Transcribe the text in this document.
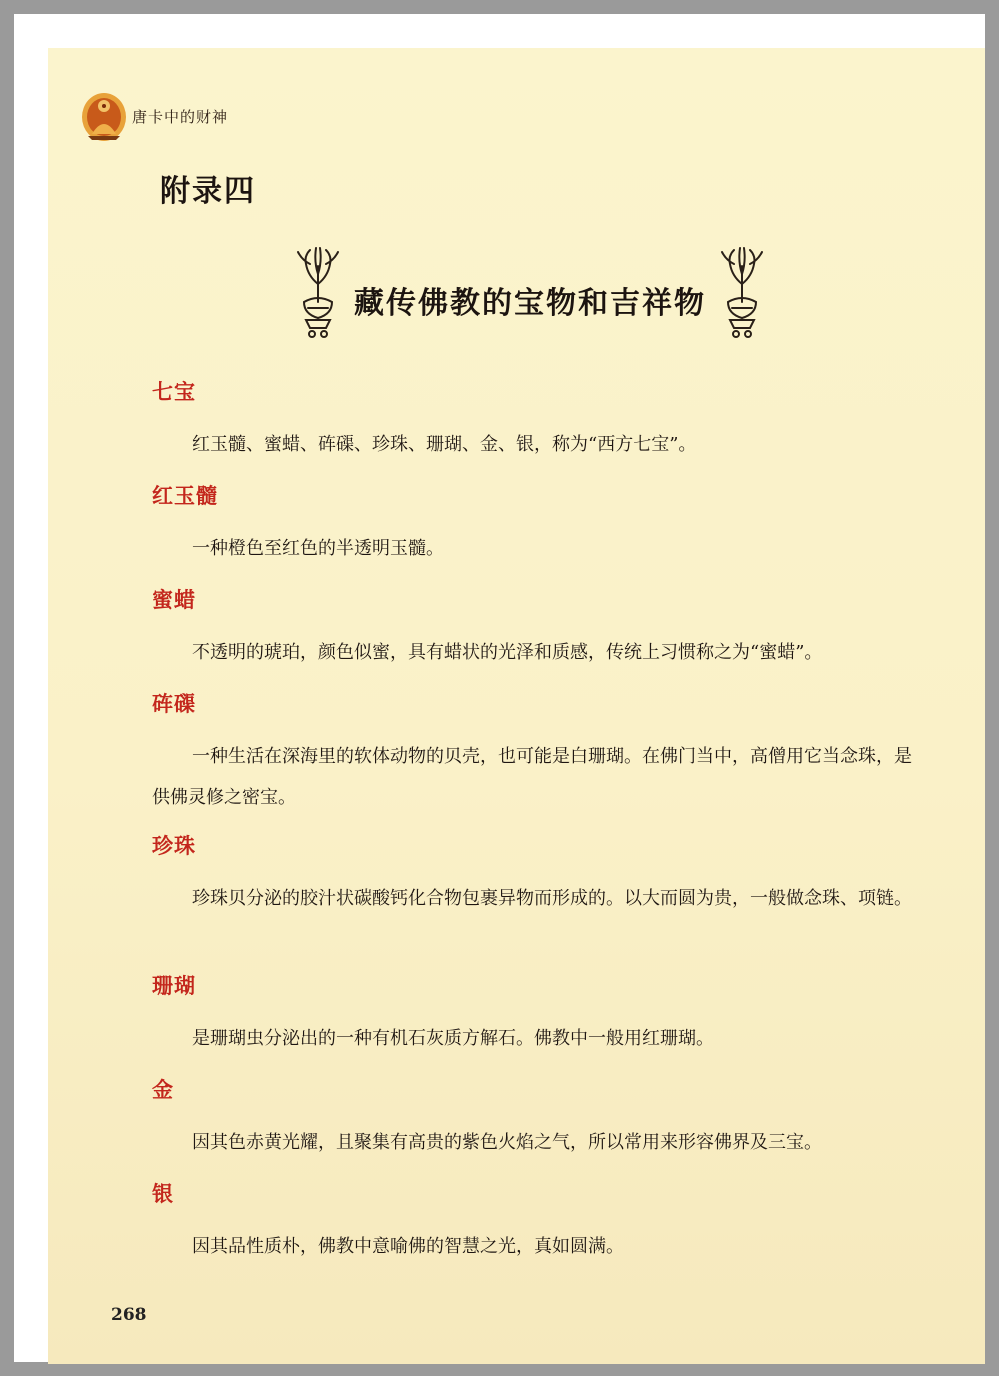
唐卡中的财神
附录四
藏传佛教的宝物和吉祥物
七宝
红玉髓、蜜蜡、砗磲、珍珠、珊瑚、金、银，称为“西方七宝”。
红玉髓
一种橙色至红色的半透明玉髓。
蜜蜡
不透明的琥珀，颜色似蜜，具有蜡状的光泽和质感，传统上习惯称之为“蜜蜡”。
砗磲
一种生活在深海里的软体动物的贝壳，也可能是白珊瑚。在佛门当中，高僧用它当念珠，是供佛灵修之密宝。
珍珠
珍珠贝分泌的胶汁状碳酸钙化合物包裹异物而形成的。以大而圆为贵，一般做念珠、项链。
珊瑚
是珊瑚虫分泌出的一种有机石灰质方解石。佛教中一般用红珊瑚。
金
因其色赤黄光耀，且聚集有高贵的紫色火焰之气，所以常用来形容佛界及三宝。
银
因其品性质朴，佛教中意喻佛的智慧之光，真如圆满。
268
